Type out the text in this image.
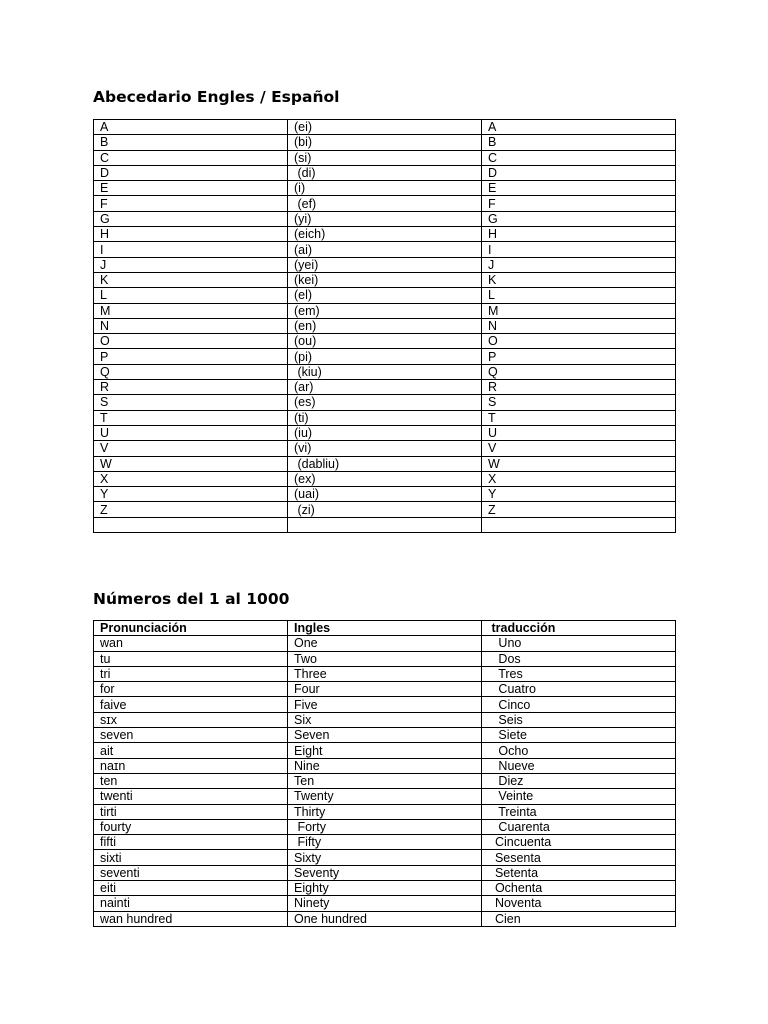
Abecedario Engles / Español
A	(ei)	A
B	(bi)	B
C	(si)	C
D	(di)	D
E	(i)	E
F	(ef)	F
G	(yi)	G
H	(eich)	H
I	(ai)	I
J	(yei)	J
K	(kei)	K
L	(el)	L
M	(em)	M
N	(en)	N
O	(ou)	O
P	(pi)	P
Q	(kiu)	Q
R	(ar)	R
S	(es)	S
T	(ti)	T
U	(iu)	U
V	(vi)	V
W	(dabliu)	W
X	(ex)	X
Y	(uai)	Y
Z	(zi)	Z

Números del 1 al 1000
Pronunciación	Ingles	traducción
wan	One	Uno
tu	Two	Dos
tri	Three	Tres
for	Four	Cuatro
faive	Five	Cinco
sɪx	Six	Seis
seven	Seven	Siete
ait	Eight	Ocho
naɪn	Nine	Nueve
ten	Ten	Diez
twenti	Twenty	Veinte
tirti	Thirty	Treinta
fourty	Forty	Cuarenta
fifti	Fifty	Cincuenta
sixti	Sixty	Sesenta
seventi	Seventy	Setenta
eiti	Eighty	Ochenta
nainti	Ninety	Noventa
wan hundred	One hundred	Cien
